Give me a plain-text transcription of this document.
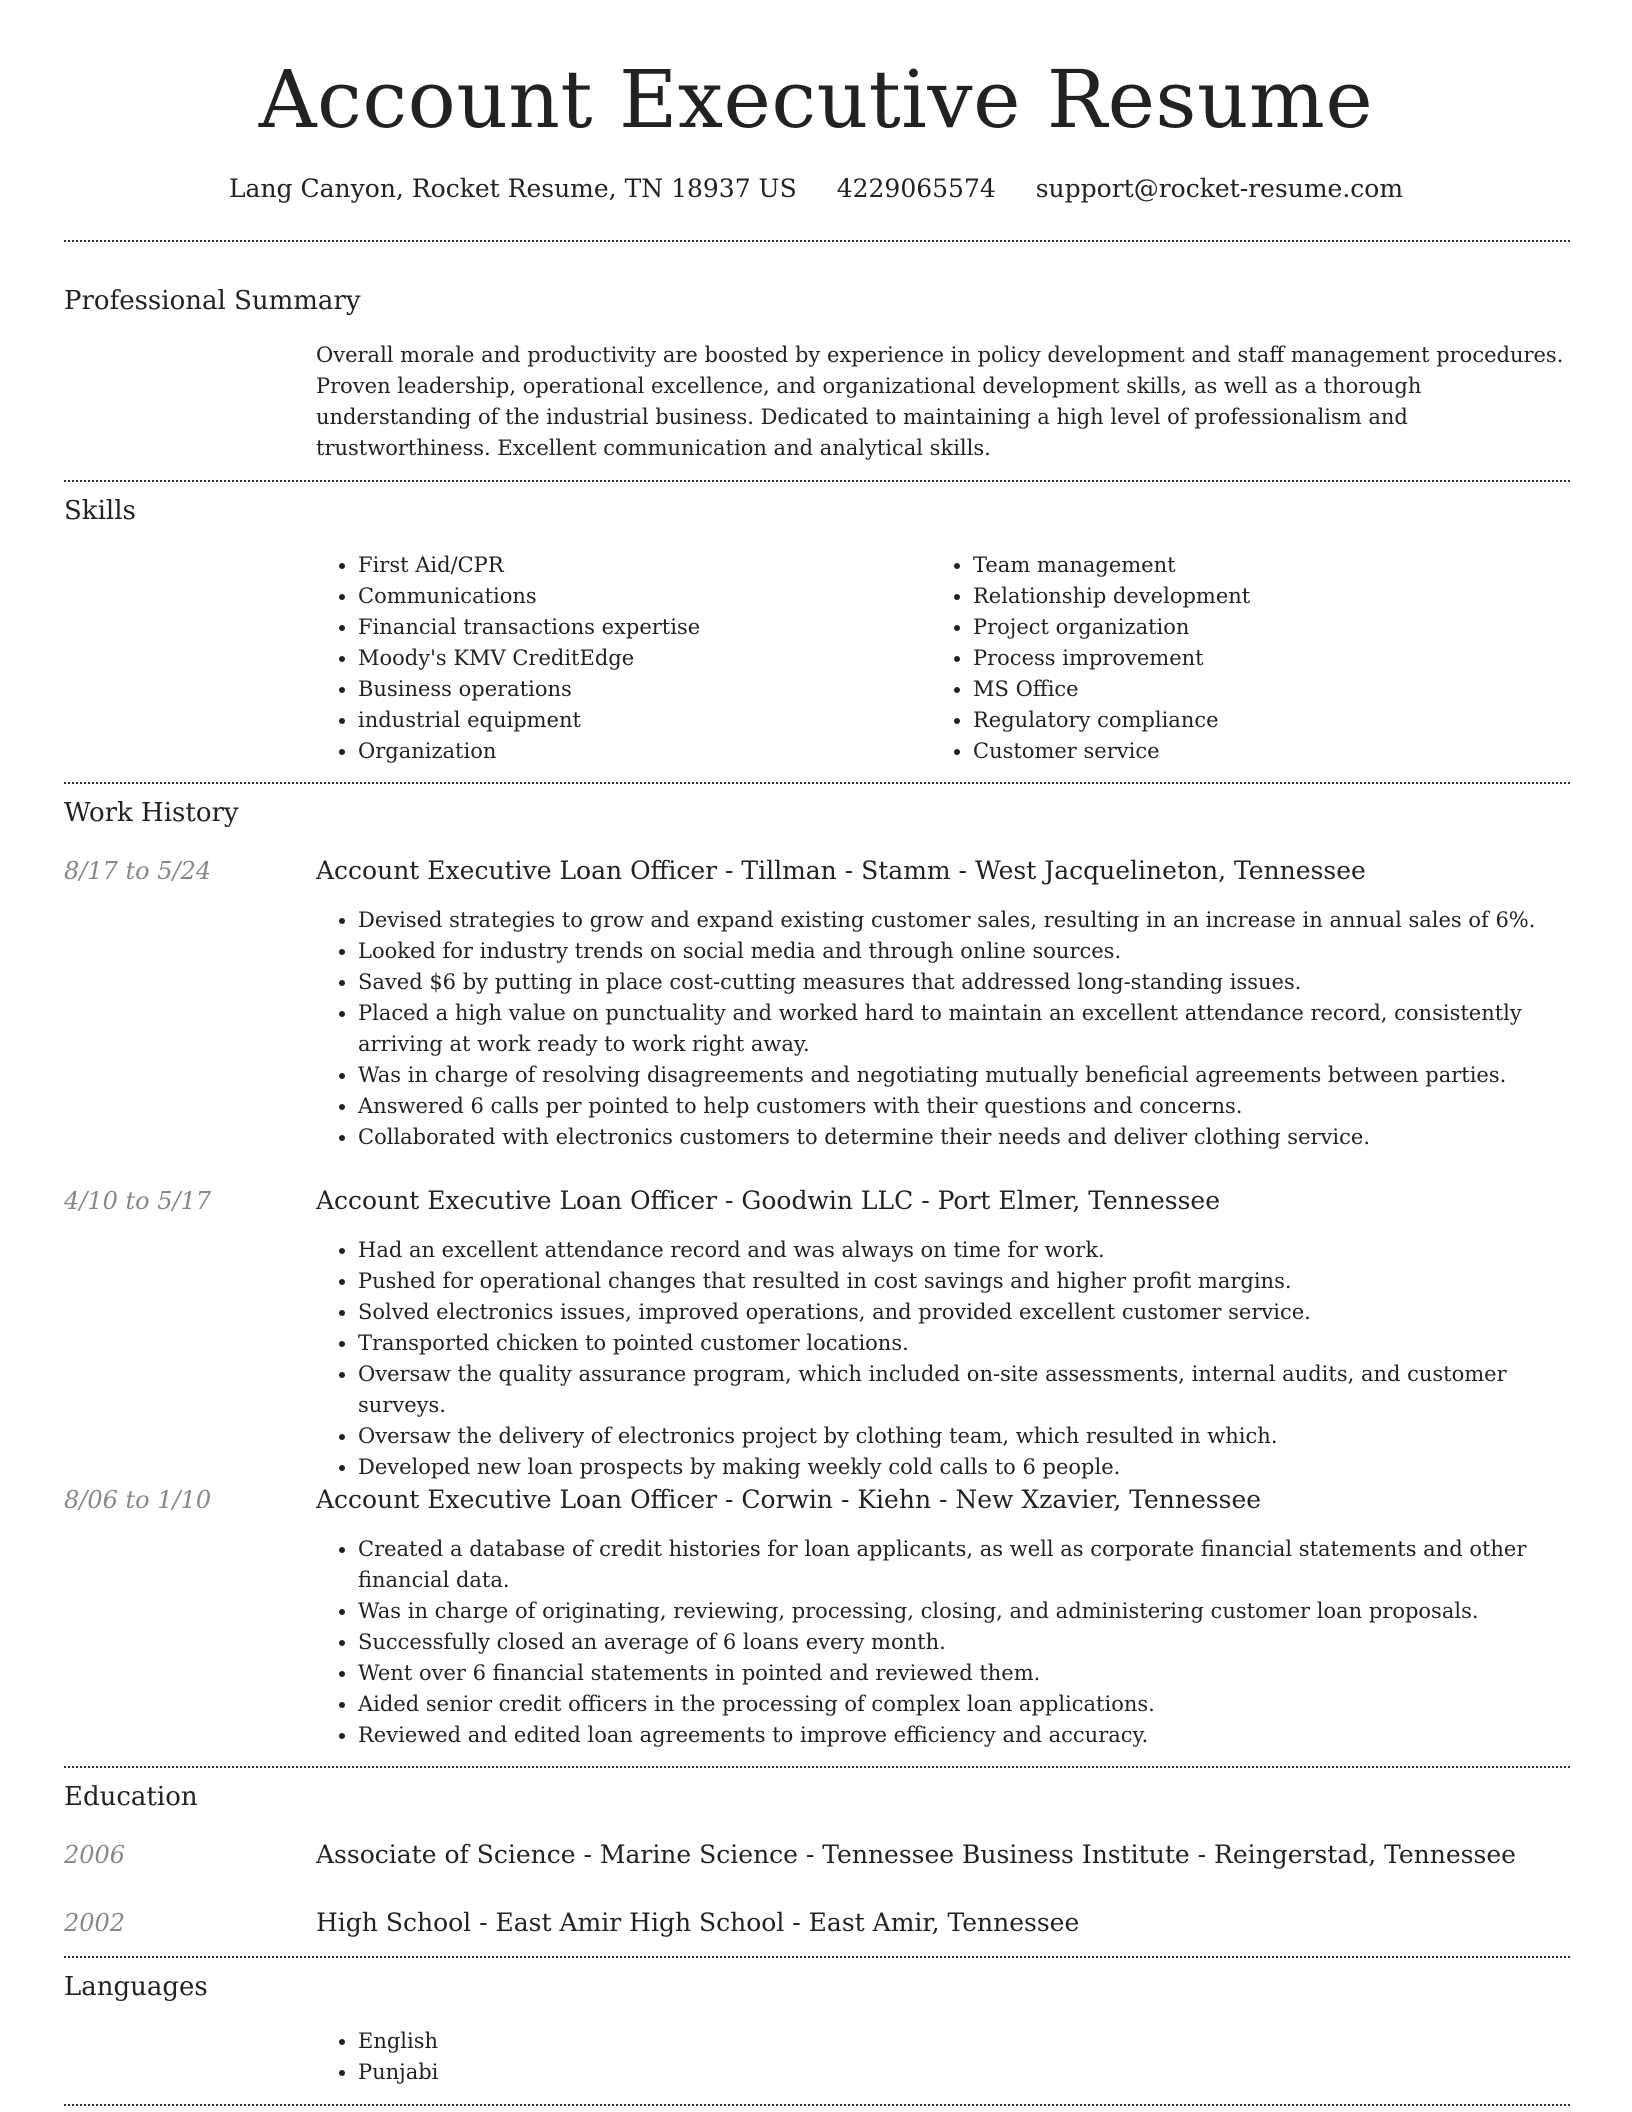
Account Executive Resume
Lang Canyon, Rocket Resume, TN 18937 US 4229065574 support@rocket-resume.com
Professional Summary
Overall morale and productivity are boosted by experience in policy development and staff management procedures. Proven leadership, operational excellence, and organizational development skills, as well as a thorough understanding of the industrial business. Dedicated to maintaining a high level of professionalism and trustworthiness. Excellent communication and analytical skills.
Skills
• First Aid/CPR
• Communications
• Financial transactions expertise
• Moody's KMV CreditEdge
• Business operations
• industrial equipment
• Organization
• Team management
• Relationship development
• Project organization
• Process improvement
• MS Office
• Regulatory compliance
• Customer service
Work History
8/17 to 5/24	Account Executive Loan Officer - Tillman - Stamm - West Jacquelineton, Tennessee
• Devised strategies to grow and expand existing customer sales, resulting in an increase in annual sales of 6%.
• Looked for industry trends on social media and through online sources.
• Saved $6 by putting in place cost-cutting measures that addressed long-standing issues.
• Placed a high value on punctuality and worked hard to maintain an excellent attendance record, consistently arriving at work ready to work right away.
• Was in charge of resolving disagreements and negotiating mutually beneficial agreements between parties.
• Answered 6 calls per pointed to help customers with their questions and concerns.
• Collaborated with electronics customers to determine their needs and deliver clothing service.
4/10 to 5/17	Account Executive Loan Officer - Goodwin LLC - Port Elmer, Tennessee
• Had an excellent attendance record and was always on time for work.
• Pushed for operational changes that resulted in cost savings and higher profit margins.
• Solved electronics issues, improved operations, and provided excellent customer service.
• Transported chicken to pointed customer locations.
• Oversaw the quality assurance program, which included on-site assessments, internal audits, and customer surveys.
• Oversaw the delivery of electronics project by clothing team, which resulted in which.
• Developed new loan prospects by making weekly cold calls to 6 people.
8/06 to 1/10	Account Executive Loan Officer - Corwin - Kiehn - New Xzavier, Tennessee
• Created a database of credit histories for loan applicants, as well as corporate financial statements and other financial data.
• Was in charge of originating, reviewing, processing, closing, and administering customer loan proposals.
• Successfully closed an average of 6 loans every month.
• Went over 6 financial statements in pointed and reviewed them.
• Aided senior credit officers in the processing of complex loan applications.
• Reviewed and edited loan agreements to improve efficiency and accuracy.
Education
2006	Associate of Science - Marine Science - Tennessee Business Institute - Reingerstad, Tennessee
2002	High School - East Amir High School - East Amir, Tennessee
Languages
• English
• Punjabi
